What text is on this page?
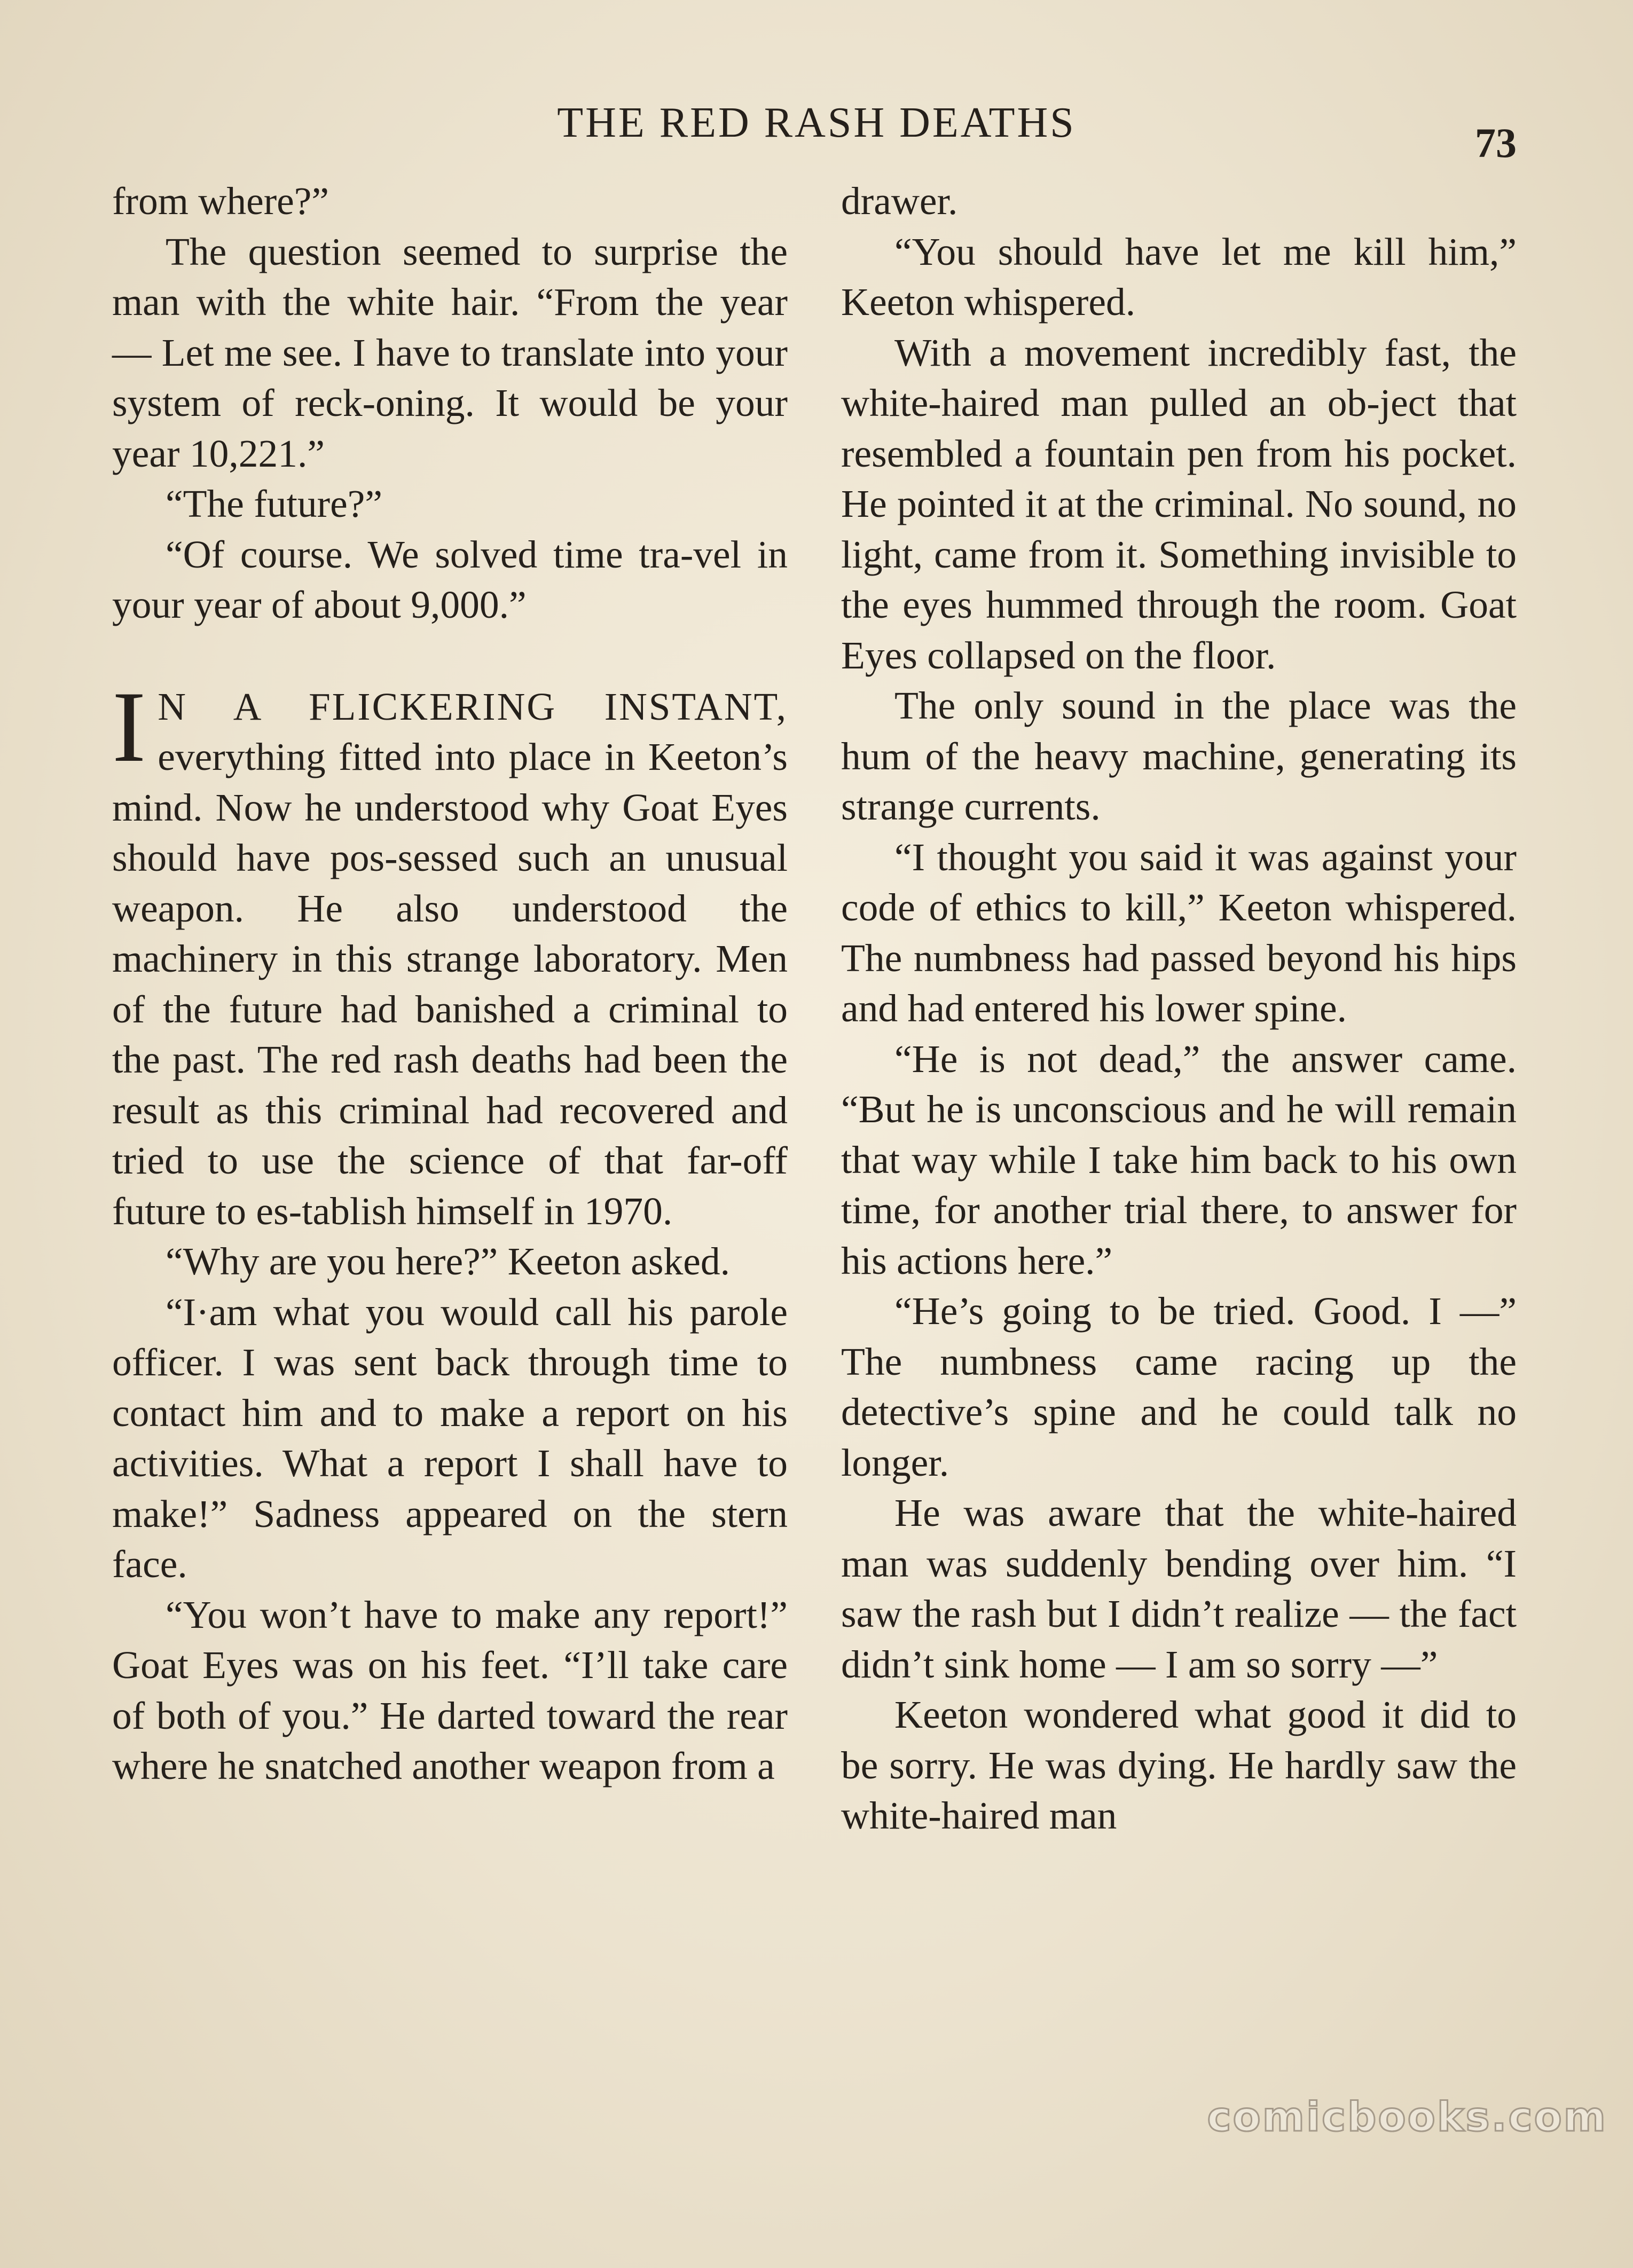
THE RED RASH DEATHS	73

from where?”

The question seemed to surprise the man with the white hair. “From the year — Let me see. I have to translate into your system of reck-oning. It would be your year 10,221.”

“The future?”

“Of course. We solved time tra-vel in your year of about 9,000.”

I N A FLICKERING INSTANT, everything fitted into place in Keeton’s mind. Now he understood why Goat Eyes should have pos-sessed such an unusual weapon. He also understood the machinery in this strange laboratory. Men of the future had banished a criminal to the past. The red rash deaths had been the result as this criminal had recovered and tried to use the science of that far-off future to es-tablish himself in 1970.

“Why are you here?” Keeton asked.

“I·am what you would call his parole officer. I was sent back through time to contact him and to make a report on his activities. What a report I shall have to make!” Sadness appeared on the stern face.

“You won’t have to make any report!” Goat Eyes was on his feet. “I’ll take care of both of you.” He darted toward the rear where he snatched another weapon from a

drawer.

“You should have let me kill him,” Keeton whispered.

With a movement incredibly fast, the white-haired man pulled an ob-ject that resembled a fountain pen from his pocket. He pointed it at the criminal. No sound, no light, came from it. Something invisible to the eyes hummed through the room. Goat Eyes collapsed on the floor.

The only sound in the place was the hum of the heavy machine, generating its strange currents.

“I thought you said it was against your code of ethics to kill,” Keeton whispered. The numbness had passed beyond his hips and had entered his lower spine.

“He is not dead,” the answer came. “But he is unconscious and he will remain that way while I take him back to his own time, for another trial there, to answer for his actions here.”

“He’s going to be tried. Good. I —” The numbness came racing up the detective’s spine and he could talk no longer.

He was aware that the white-haired man was suddenly bending over him. “I saw the rash but I didn’t realize — the fact didn’t sink home — I am so sorry —”

Keeton wondered what good it did to be sorry. He was dying. He hardly saw the white-haired man

comicbooks.com
